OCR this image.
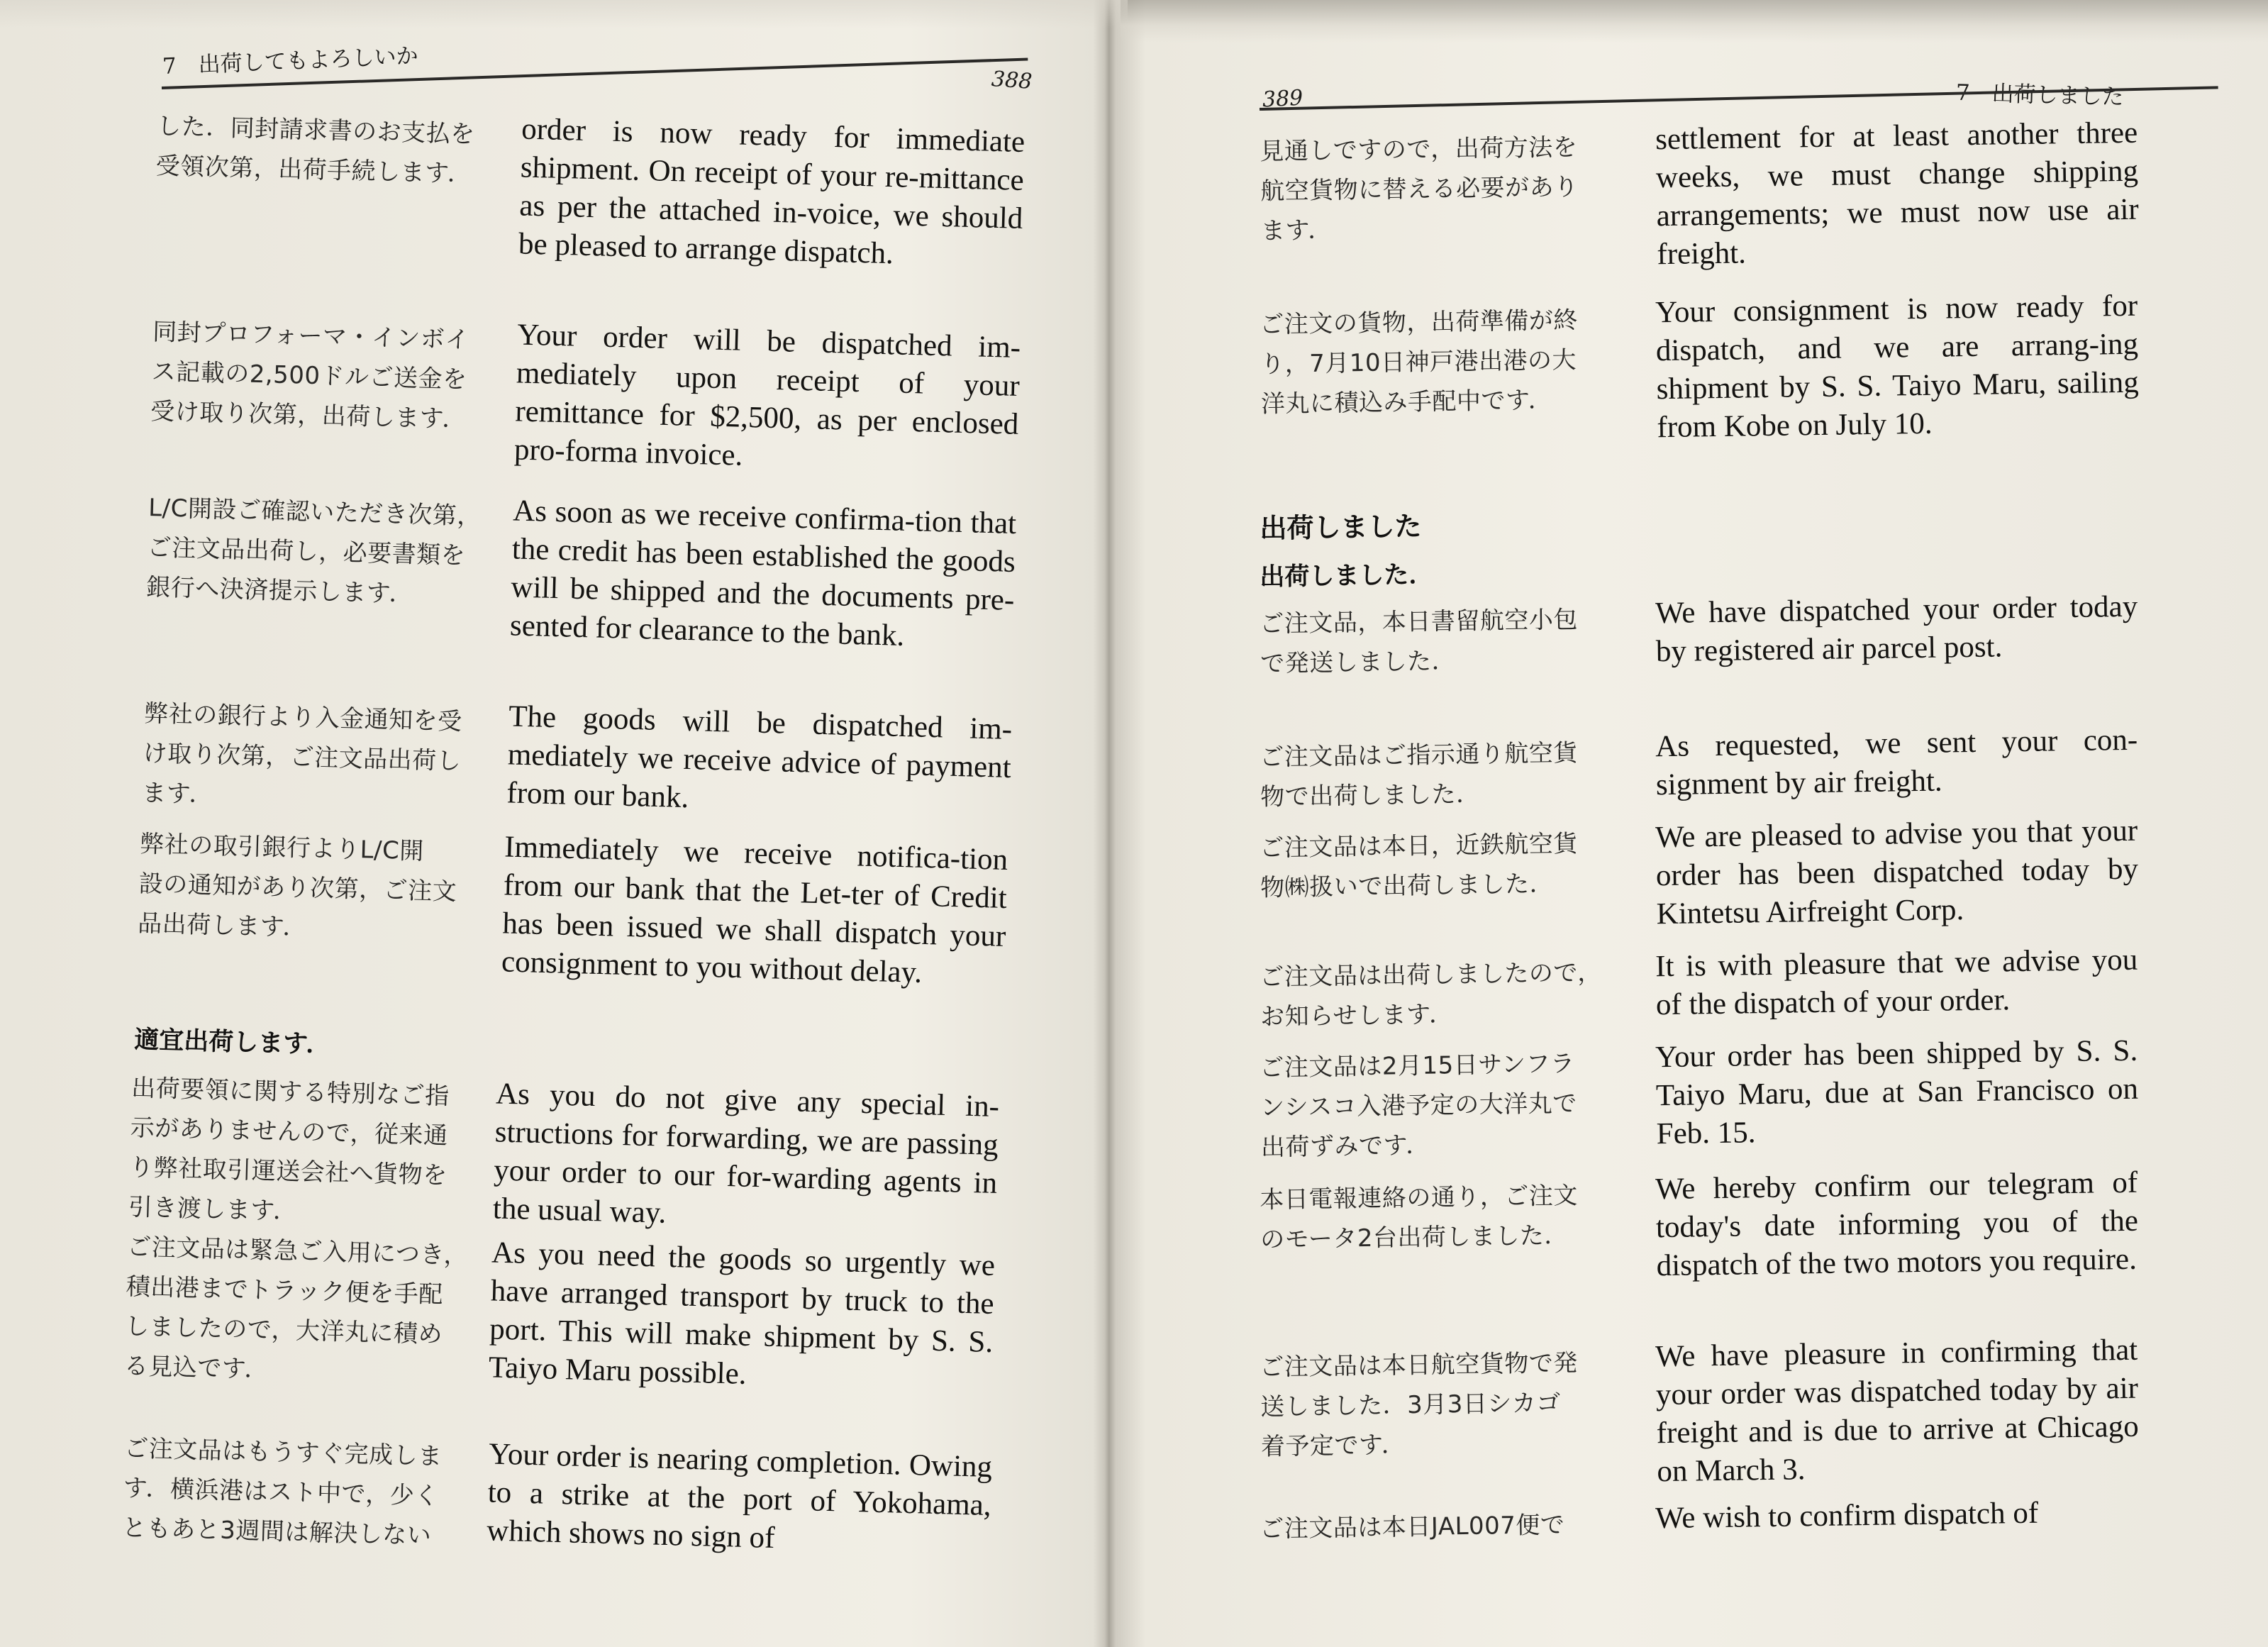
7　出荷してもよろしいか
388
した．同封請求書のお支払を
受領次第，出荷手続します．
order is now ready for immediate shipment. On receipt of your re-mittance as per the attached in-voice, we should be pleased to arrange dispatch.
同封プロフォーマ・インボイ
ス記載の2,500ドルご送金を
受け取り次第，出荷します．
Your order will be dispatched im-mediately upon receipt of your remittance for $2,500, as per enclosed pro-forma invoice.
L/C開設ご確認いただき次第，
ご注文品出荷し，必要書類を
銀行へ決済提示します．
As soon as we receive confirma-tion that the credit has been established the goods will be shipped and the documents pre-sented for clearance to the bank.
弊社の銀行より入金通知を受
け取り次第，ご注文品出荷し
ます．
The goods will be dispatched im-mediately we receive advice of payment from our bank.
弊社の取引銀行よりL/C開
設の通知があり次第，ご注文
品出荷します．
Immediately we receive notifica-tion from our bank that the Let-ter of Credit has been issued we shall dispatch your consignment to you without delay.
適宜出荷します．
出荷要領に関する特別なご指
示がありませんので，従来通
り弊社取引運送会社へ貨物を
引き渡します．
As you do not give any special in-structions for forwarding, we are passing your order to our for-warding agents in the usual way.
ご注文品は緊急ご入用につき，
積出港までトラック便を手配
しましたので，大洋丸に積め
る見込です．
As you need the goods so urgently we have arranged transport by truck to the port. This will make shipment by S. S. Taiyo Maru possible.
ご注文品はもうすぐ完成しま
す．横浜港はスト中で，少く
ともあと3週間は解決しない
Your order is nearing completion. Owing to a strike at the port of Yokohama, which shows no sign of
389	7　出荷しました
見通しですので，出荷方法を
航空貨物に替える必要があり
ます．
settlement for at least another three weeks, we must change shipping arrangements; we must now use air freight.
ご注文の貨物，出荷準備が終
り，7月10日神戸港出港の大
洋丸に積込み手配中です．
Your consignment is now ready for dispatch, and we are arrang-ing shipment by S. S. Taiyo Maru, sailing from Kobe on July 10.
出荷しました
出荷しました．
ご注文品，本日書留航空小包
で発送しました．
We have dispatched your order today by registered air parcel post.
ご注文品はご指示通り航空貨
物で出荷しました．
As requested, we sent your con-signment by air freight.
ご注文品は本日，近鉄航空貨
物㈱扱いで出荷しました．
We are pleased to advise you that your order has been dispatched today by Kintetsu Airfreight Corp.
ご注文品は出荷しましたので，
お知らせします．
It is with pleasure that we advise you of the dispatch of your order.
ご注文品は2月15日サンフラ
ンシスコ入港予定の大洋丸で
出荷ずみです．
Your order has been shipped by S. S. Taiyo Maru, due at San Francisco on Feb. 15.
本日電報連絡の通り，ご注文
のモータ2台出荷しました．
We hereby confirm our telegram of today's date informing you of the dispatch of the two motors you require.
ご注文品は本日航空貨物で発
送しました．3月3日シカゴ
着予定です．
We have pleasure in confirming that your order was dispatched today by air freight and is due to arrive at Chicago on March 3.
ご注文品は本日JAL007便で	We wish to confirm dispatch of
